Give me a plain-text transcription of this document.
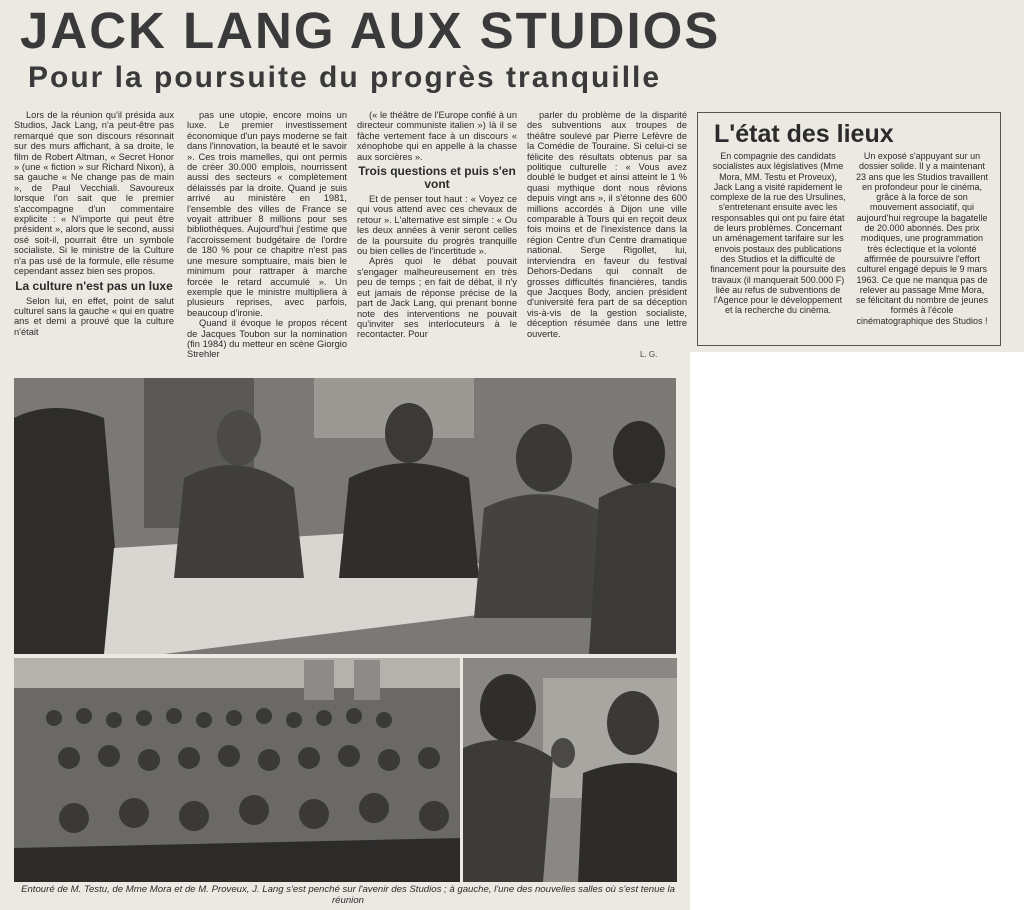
JACK LANG AUX STUDIOS
Pour la poursuite du progrès tranquille

Lors de la réunion qu'il présida aux Studios, Jack Lang, n'a peut-être pas remarqué que son discours résonnait sur des murs affichant, à sa droite, le film de Robert Altman, « Secret Honor » (une « fiction » sur Richard Nixon), à sa gauche « Ne change pas de main », de Paul Vecchiali. Savoureux lorsque l'on sait que le premier s'accompagne d'un commentaire explicite : « N'importe qui peut être président », alors que le second, aussi osé soit-il, pourrait être un symbole socialiste. Si le ministre de la Culture n'a pas usé de la formule, elle résume cependant assez bien ses propos.

La culture n'est pas un luxe

Selon lui, en effet, point de salut culturel sans la gauche « qui en quatre ans et demi a prouvé que la culture n'était

pas une utopie, encore moins un luxe. Le premier investissement économique d'un pays moderne se fait dans l'innovation, la beauté et le savoir ». Ces trois mamelles, qui ont permis de créer 30.000 emplois, nourrissent aussi des secteurs « complètement délaissés par la droite. Quand je suis arrivé au ministère en 1981, l'ensemble des villes de France se voyait attribuer 8 millions pour ses bibliothèques. Aujourd'hui j'estime que l'accroissement budgétaire de l'ordre de 180 % pour ce chapitre n'est pas une mesure somptuaire, mais bien le minimum pour rattraper à marche forcée le retard accumulé ». Un exemple que le ministre multipliera à plusieurs reprises, avec parfois, beaucoup d'ironie.

Quand il évoque le propos récent de Jacques Toubon sur la nomination (fin 1984) du metteur en scène Giorgio Strehler

(« le théâtre de l'Europe confié à un directeur communiste italien ») là il se fâche vertement face à un discours « xénophobe qui en appelle à la chasse aux sorcières ».

Trois questions et puis s'en vont

Et de penser tout haut : « Voyez ce qui vous attend avec ces chevaux de retour ». L'alternative est simple : « Ou les deux années à venir seront celles de la poursuite du progrès tranquille ou bien celles de l'incertitude ».

Après quoi le débat pouvait s'engager malheureusement en très peu de temps ; en fait de débat, il n'y eut jamais de réponse précise de la part de Jack Lang, qui prenant bonne note des interventions ne pouvait qu'inviter ses interlocuteurs à le recontacter. Pour

parler du problème de la disparité des subventions aux troupes de théâtre soulevé par Pierre Lefèvre de la Comédie de Touraine. Si celui-ci se félicite des résultats obtenus par sa politique culturelle : « Vous avez doublé le budget et ainsi atteint le 1 % quasi mythique dont nous rêvions depuis vingt ans », il s'étonne des 600 millions accordés à Dijon une ville comparable à Tours qui en reçoit deux fois moins et de l'inexistence dans la région Centre d'un Centre dramatique national. Serge Rigollet, lui, interviendra en faveur du festival Dehors-Dedans qui connaît de grosses difficultés financières, tandis que Jacques Body, ancien président d'université fera part de sa déception vis-à-vis de la gestion socialiste, déception résumée dans une lettre ouverte.

L. G.
L'état des lieux
En compagnie des candidats socialistes aux législatives (Mme Mora, MM. Testu et Proveux), Jack Lang a visité rapidement le complexe de la rue des Ursulines, s'entretenant ensuite avec les responsables qui ont pu faire état de leurs problèmes. Concernant un aménagement tarifaire sur les envois postaux des publications des Studios et la difficulté de financement pour la poursuite des travaux (il manquerait 500.000 F) liée au refus de subventions de l'Agence pour le développement et la recherche du cinéma.
Un exposé s'appuyant sur un dossier solide. Il y a maintenant 23 ans que les Studios travaillent en profondeur pour le cinéma, grâce à la force de son mouvement associatif, qui aujourd'hui regroupe la bagatelle de 20.000 abonnés. Des prix modiques, une programmation très éclectique et la volonté affirmée de poursuivre l'effort culturel engagé depuis le 9 mars 1963. Ce que ne manqua pas de relever au passage Mme Mora, se félicitant du nombre de jeunes formés à l'école cinématographique des Studios !
Entouré de M. Testu, de Mme Mora et de M. Proveux, J. Lang s'est penché sur l'avenir des Studios ; à gauche, l'une des nouvelles salles où s'est tenue la réunion
